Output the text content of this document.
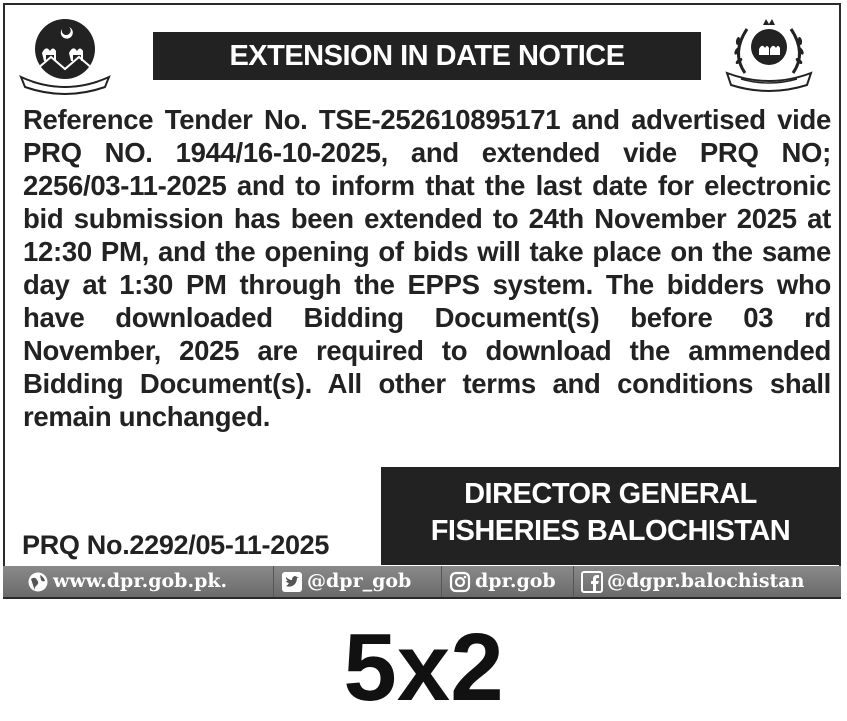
EXTENSION IN DATE NOTICE
Reference Tender No. TSE-252610895171 and advertised vide PRQ NO. 1944/16-10-2025, and extended vide PRQ NO; 2256/03-11-2025 and to inform that the last date for electronic bid submission has been extended to 24th November 2025 at 12:30 PM, and the opening of bids will take place on the same day at 1:30 PM through the EPPS system. The bidders who have downloaded Bidding Document(s) before 03 rd November, 2025 are required to download the ammended Bidding Document(s). All other terms and conditions shall remain unchanged.
PRQ No.2292/05-11-2025
DIRECTOR GENERAL
FISHERIES BALOCHISTAN
www.dpr.gob.pk.	@dpr_gob	dpr.gob	@dgpr.balochistan
5x2
